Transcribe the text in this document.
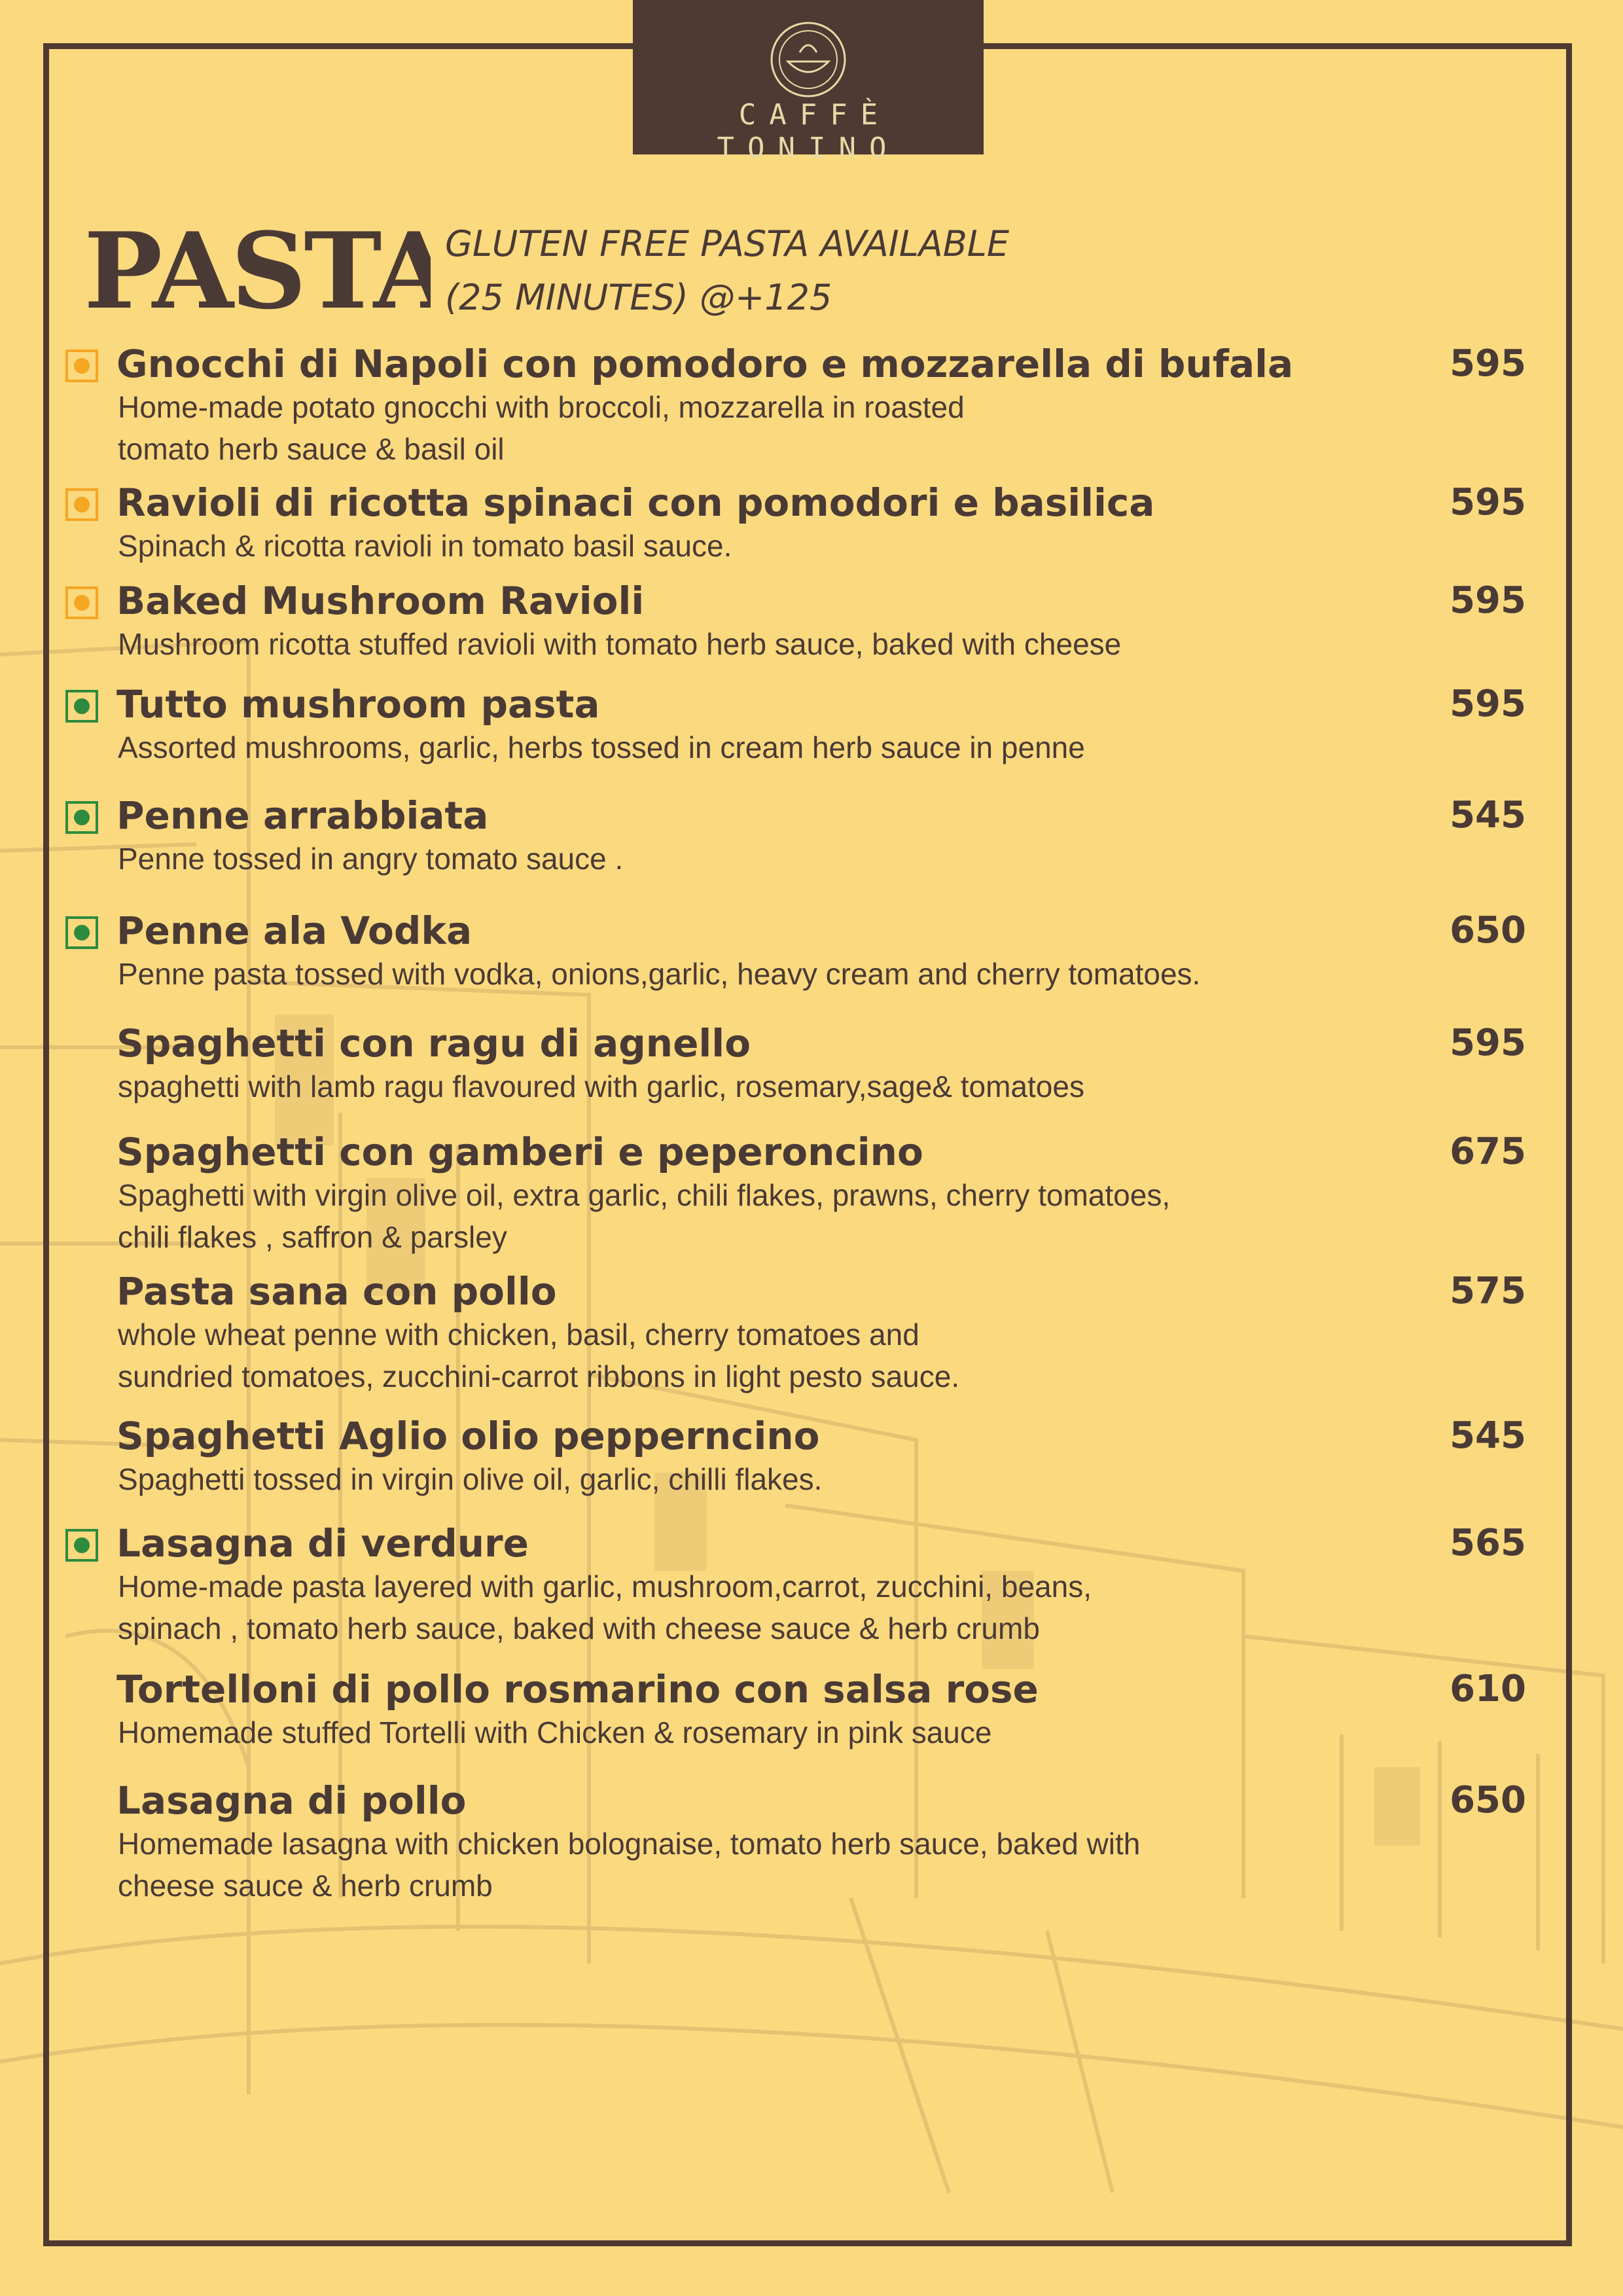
CAFFÈ TONINO
PASTA
GLUTEN FREE PASTA AVAILABLE
(25 MINUTES) @+125
Gnocchi di Napoli con pomodoro e mozzarella di bufala	595
Home-made potato gnocchi with broccoli, mozzarella in roasted
tomato herb sauce & basil oil
Ravioli di ricotta spinaci con pomodori e basilica	595
Spinach & ricotta ravioli in tomato basil sauce.
Baked Mushroom Ravioli	595
Mushroom ricotta stuffed ravioli with tomato herb sauce, baked with cheese
Tutto mushroom pasta	595
Assorted mushrooms, garlic, herbs tossed in cream herb sauce in penne
Penne arrabbiata	545
Penne tossed in angry tomato sauce .
Penne ala Vodka	650
Penne pasta tossed with vodka, onions,garlic, heavy cream and cherry tomatoes.
Spaghetti con ragu di agnello	595
spaghetti with lamb ragu flavoured with garlic, rosemary,sage& tomatoes
Spaghetti con gamberi e peperoncino	675
Spaghetti with virgin olive oil, extra garlic, chili flakes, prawns, cherry tomatoes,
chili flakes , saffron & parsley
Pasta sana con pollo	575
whole wheat penne with chicken, basil, cherry tomatoes and
sundried tomatoes, zucchini-carrot ribbons in light pesto sauce.
Spaghetti Aglio olio pepperncino	545
Spaghetti tossed in virgin olive oil, garlic, chilli flakes.
Lasagna di verdure	565
Home-made pasta layered with garlic, mushroom,carrot, zucchini, beans,
spinach , tomato herb sauce, baked with cheese sauce & herb crumb
Tortelloni di pollo rosmarino con salsa rose	610
Homemade stuffed Tortelli with Chicken & rosemary in pink sauce
Lasagna di pollo	650
Homemade lasagna with chicken bolognaise, tomato herb sauce, baked with
cheese sauce & herb crumb
